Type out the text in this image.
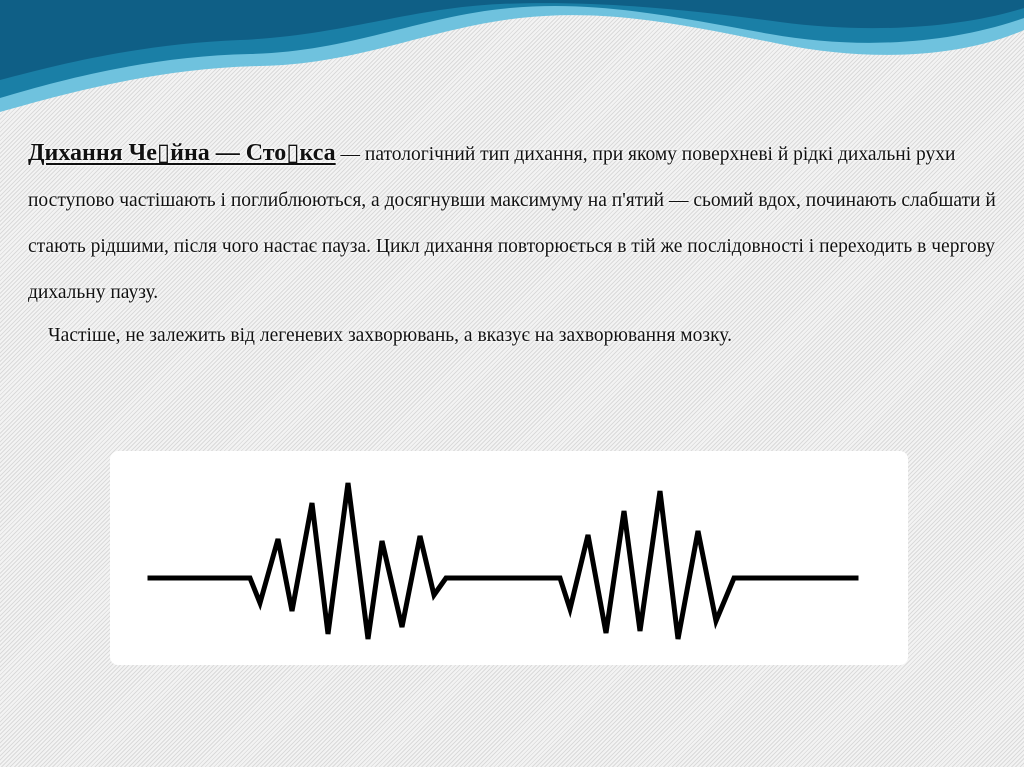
Дихання Че▯йна — Сто▯кса — патологічний тип дихання, при якому поверхневі й рідкі дихальні рухи поступово частішають і поглиблюються, а досягнувши максимуму на п'ятий — сьомий вдох, починають слабшати й стають рідшими, після чого настає пауза. Цикл дихання повторюється в тій же послідовності і переходить в чергову дихальну паузу.

Частіше, не залежить від легеневих захворювань, а вказує на захворювання мозку.
